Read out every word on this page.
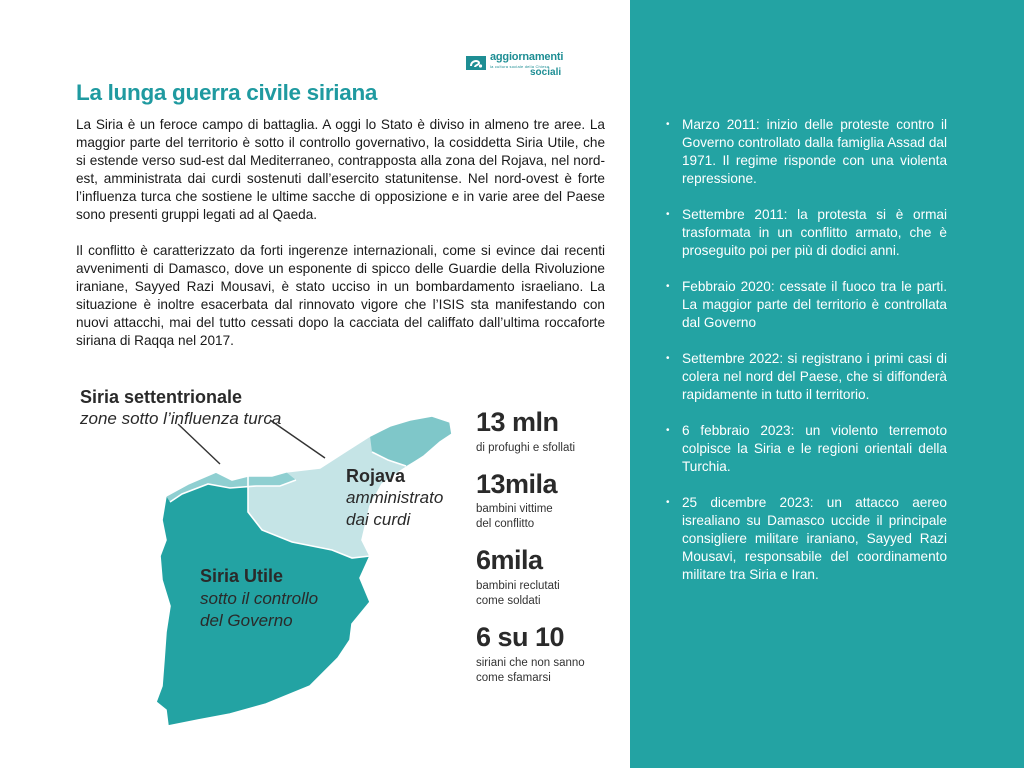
aggiornamenti
la cultura sociale della Chiesa
sociali
La lunga guerra civile siriana

La Siria è un feroce campo di battaglia. A oggi lo Stato è diviso in almeno tre aree. La maggior parte del territorio è sotto il controllo governativo, la cosiddetta Siria Utile, che si estende verso sud-est dal Mediterraneo, contrapposta alla zona del Rojava, nel nord-est, amministrata dai curdi sostenuti dall’esercito statunitense. Nel nord-ovest è forte l’influenza turca che sostiene le ultime sacche di opposizione e in varie aree del Paese sono presenti gruppi legati ad al Qaeda.

Il conflitto è caratterizzato da forti ingerenze internazionali, come si evince dai recenti avvenimenti di Damasco, dove un esponente di spicco delle Guardie della Rivoluzione iraniane, Sayyed Razi Mousavi, è stato ucciso in un bombardamento israeliano. La situazione è inoltre esacerbata dal rinnovato vigore che l’ISIS sta manifestando con nuovi attacchi, mai del tutto cessati dopo la cacciata del califfato dall’ultima roccaforte siriana di Raqqa nel 2017.

Siria settentrionale
zone sotto l’influenza turca
Rojava
amministrato
dai curdi
Siria Utile
sotto il controllo
del Governo
13 mln
di profughi e sfollati
13mila
bambini vittime
del conflitto
6mila
bambini reclutati
come soldati
6 su 10
siriani che non sanno
come sfamarsi
• Marzo 2011: inizio delle proteste contro il Governo controllato dalla famiglia Assad dal 1971. Il regime risponde con una violenta repressione.
• Settembre 2011: la protesta si è ormai trasformata in un conflitto armato, che è proseguito poi per più di dodici anni.
• Febbraio 2020: cessate il fuoco tra le parti. La maggior parte del territorio è controllata dal Governo
• Settembre 2022: si registrano i primi casi di colera nel nord del Paese, che si diffonderà rapidamente in tutto il territorio.
• 6 febbraio 2023: un violento terremoto colpisce la Siria e le regioni orientali della Turchia.
• 25 dicembre 2023: un attacco aereo isrealiano su Damasco uccide il principale consigliere militare iraniano, Sayyed Razi Mousavi, responsabile del coordinamento militare tra Siria e Iran.
